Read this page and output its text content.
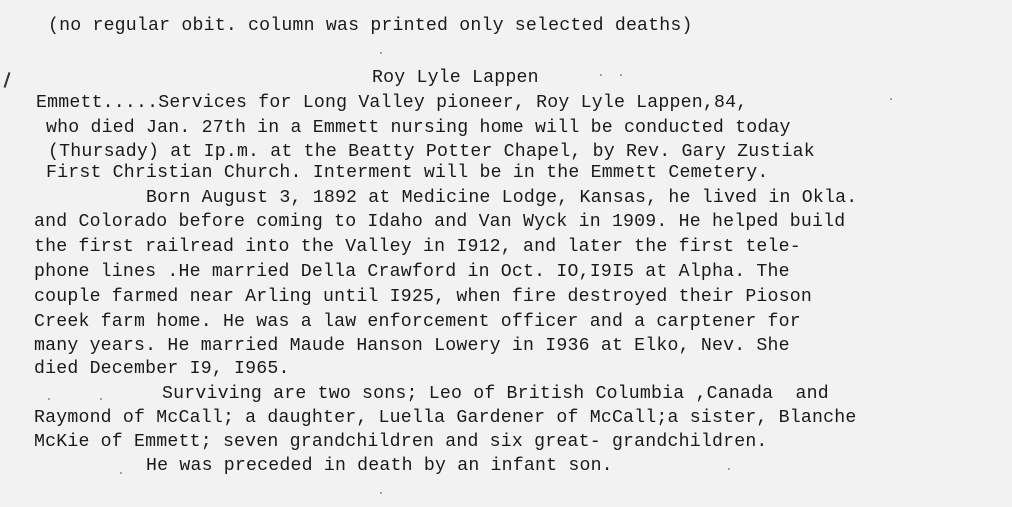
(no regular obit. column was printed only selected deaths)
Roy Lyle Lappen
Emmett.....Services for Long Valley pioneer, Roy Lyle Lappen,84,
who died Jan. 27th in a Emmett nursing home will be conducted today
(Thursady) at Ip.m. at the Beatty Potter Chapel, by Rev. Gary Zustiak
First Christian Church. Interment will be in the Emmett Cemetery.
Born August 3, 1892 at Medicine Lodge, Kansas, he lived in Okla.
and Colorado before coming to Idaho and Van Wyck in 1909. He helped build
the first railread into the Valley in I912, and later the first tele-
phone lines .He married Della Crawford in Oct. IO,I9I5 at Alpha. The
couple farmed near Arling until I925, when fire destroyed their Pioson
Creek farm home. He was a law enforcement officer and a carptener for
many years. He married Maude Hanson Lowery in I936 at Elko, Nev. She
died December I9, I965.
Surviving are two sons; Leo of British Columbia ,Canada  and
Raymond of McCall; a daughter, Luella Gardener of McCall;a sister, Blanche
McKie of Emmett; seven grandchildren and six great- grandchildren.
He was preceded in death by an infant son.
